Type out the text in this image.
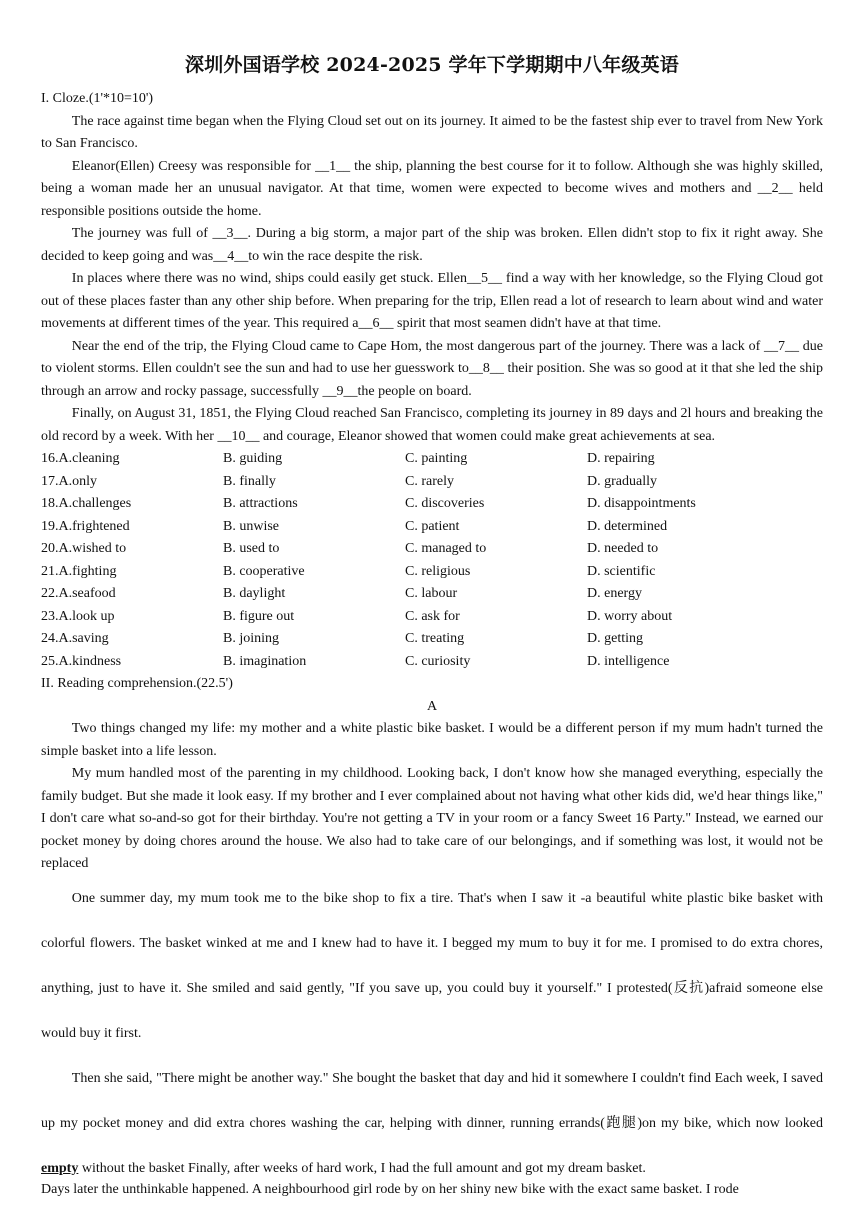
深圳外国语学校 2024-2025 学年下学期期中八年级英语

I. Cloze.(1'*10=10')

The race against time began when the Flying Cloud set out on its journey. It aimed to be the fastest ship ever to travel from New York to San Francisco.

Eleanor(Ellen) Creesy was responsible for __1__ the ship, planning the best course for it to follow. Although she was highly skilled, being a woman made her an unusual navigator. At that time, women were expected to become wives and mothers and __2__ held responsible positions outside the home.

The journey was full of __3__. During a big storm, a major part of the ship was broken. Ellen didn't stop to fix it right away. She decided to keep going and was__4__to win the race despite the risk.

In places where there was no wind, ships could easily get stuck. Ellen__5__ find a way with her knowledge, so the Flying Cloud got out of these places faster than any other ship before. When preparing for the trip, Ellen read a lot of research to learn about wind and water movements at different times of the year. This required a__6__ spirit that most seamen didn't have at that time.

Near the end of the trip, the Flying Cloud came to Cape Hom, the most dangerous part of the journey. There was a lack of __7__ due to violent storms. Ellen couldn't see the sun and had to use her guesswork to__8__ their position. She was so good at it that she led the ship through an arrow and rocky passage, successfully __9__the people on board.

Finally, on August 31, 1851, the Flying Cloud reached San Francisco, completing its journey in 89 days and 2l hours and breaking the old record by a week. With her __10__ and courage, Eleanor showed that women could make great achievements at sea.

16.A.cleaning	B. guiding	C. painting	D. repairing
17.A.only	B. finally	C. rarely	D. gradually
18.A.challenges	B. attractions	C. discoveries	D. disappointments
19.A.frightened	B. unwise	C. patient	D. determined
20.A.wished to	B. used to	C. managed to	D. needed to
21.A.fighting	B. cooperative	C. religious	D. scientific
22.A.seafood	B. daylight	C. labour	D. energy
23.A.look up	B. figure out	C. ask for	D. worry about
24.A.saving	B. joining	C. treating	D. getting
25.A.kindness	B. imagination	C. curiosity	D. intelligence

II. Reading comprehension.(22.5')

A

Two things changed my life: my mother and a white plastic bike basket. I would be a different person if my mum hadn't turned the simple basket into a life lesson.

My mum handled most of the parenting in my childhood. Looking back, I don't know how she managed everything, especially the family budget. But she made it look easy. If my brother and I ever complained about not having what other kids did, we'd hear things like," I don't care what so-and-so got for their birthday. You're not getting a TV in your room or a fancy Sweet 16 Party." Instead, we earned our pocket money by doing chores around the house. We also had to take care of our belongings, and if something was lost, it would not be replaced

One summer day, my mum took me to the bike shop to fix a tire. That's when I saw it -a beautiful white plastic bike basket with colorful flowers. The basket winked at me and I knew had to have it. I begged my mum to buy it for me. I promised to do extra chores, anything, just to have it. She smiled and said gently, "If you save up, you could buy it yourself." I protested(反抗)afraid someone else would buy it first.

Then she said, "There might be another way." She bought the basket that day and hid it somewhere I couldn't find Each week, I saved up my pocket money and did extra chores washing the car, helping with dinner, running errands(跑腿)on my bike, which now looked empty without the basket Finally, after weeks of hard work, I had the full amount and got my dream basket.

Days later the unthinkable happened. A neighbourhood girl rode by on her shiny new bike with the exact same basket. I rode
